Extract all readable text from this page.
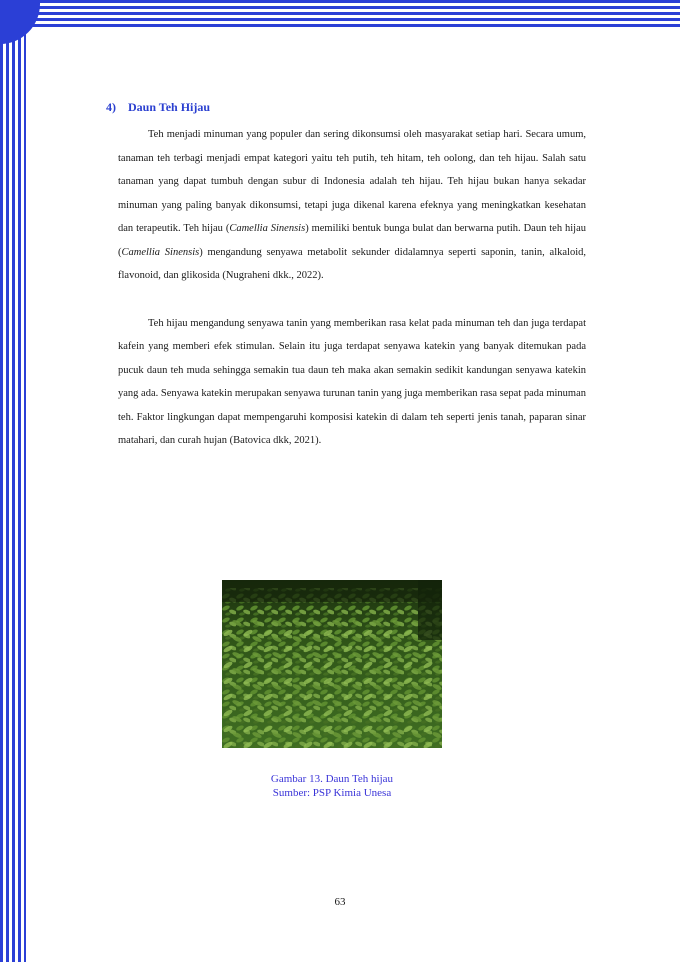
4) Daun Teh Hijau

Teh menjadi minuman yang populer dan sering dikonsumsi oleh masyarakat setiap hari. Secara umum, tanaman teh terbagi menjadi empat kategori yaitu teh putih, teh hitam, teh oolong, dan teh hijau. Salah satu tanaman yang dapat tumbuh dengan subur di Indonesia adalah teh hijau. Teh hijau bukan hanya sekadar minuman yang paling banyak dikonsumsi, tetapi juga dikenal karena efeknya yang meningkatkan kesehatan dan terapeutik. Teh hijau (Camellia Sinensis) memiliki bentuk bunga bulat dan berwarna putih. Daun teh hijau (Camellia Sinensis) mengandung senyawa metabolit sekunder didalamnya seperti saponin, tanin, alkaloid, flavonoid, dan glikosida (Nugraheni dkk., 2022).

Teh hijau mengandung senyawa tanin yang memberikan rasa kelat pada minuman teh dan juga terdapat kafein yang memberi efek stimulan. Selain itu juga terdapat senyawa katekin yang banyak ditemukan pada pucuk daun teh muda sehingga semakin tua daun teh maka akan semakin sedikit kandungan senyawa katekin yang ada. Senyawa katekin merupakan senyawa turunan tanin yang juga memberikan rasa sepat pada minuman teh. Faktor lingkungan dapat mempengaruhi komposisi katekin di dalam teh seperti jenis tanah, paparan sinar matahari, dan curah hujan (Batovica dkk, 2021).

Gambar 13. Daun Teh hijau
Sumber: PSP Kimia Unesa
63
